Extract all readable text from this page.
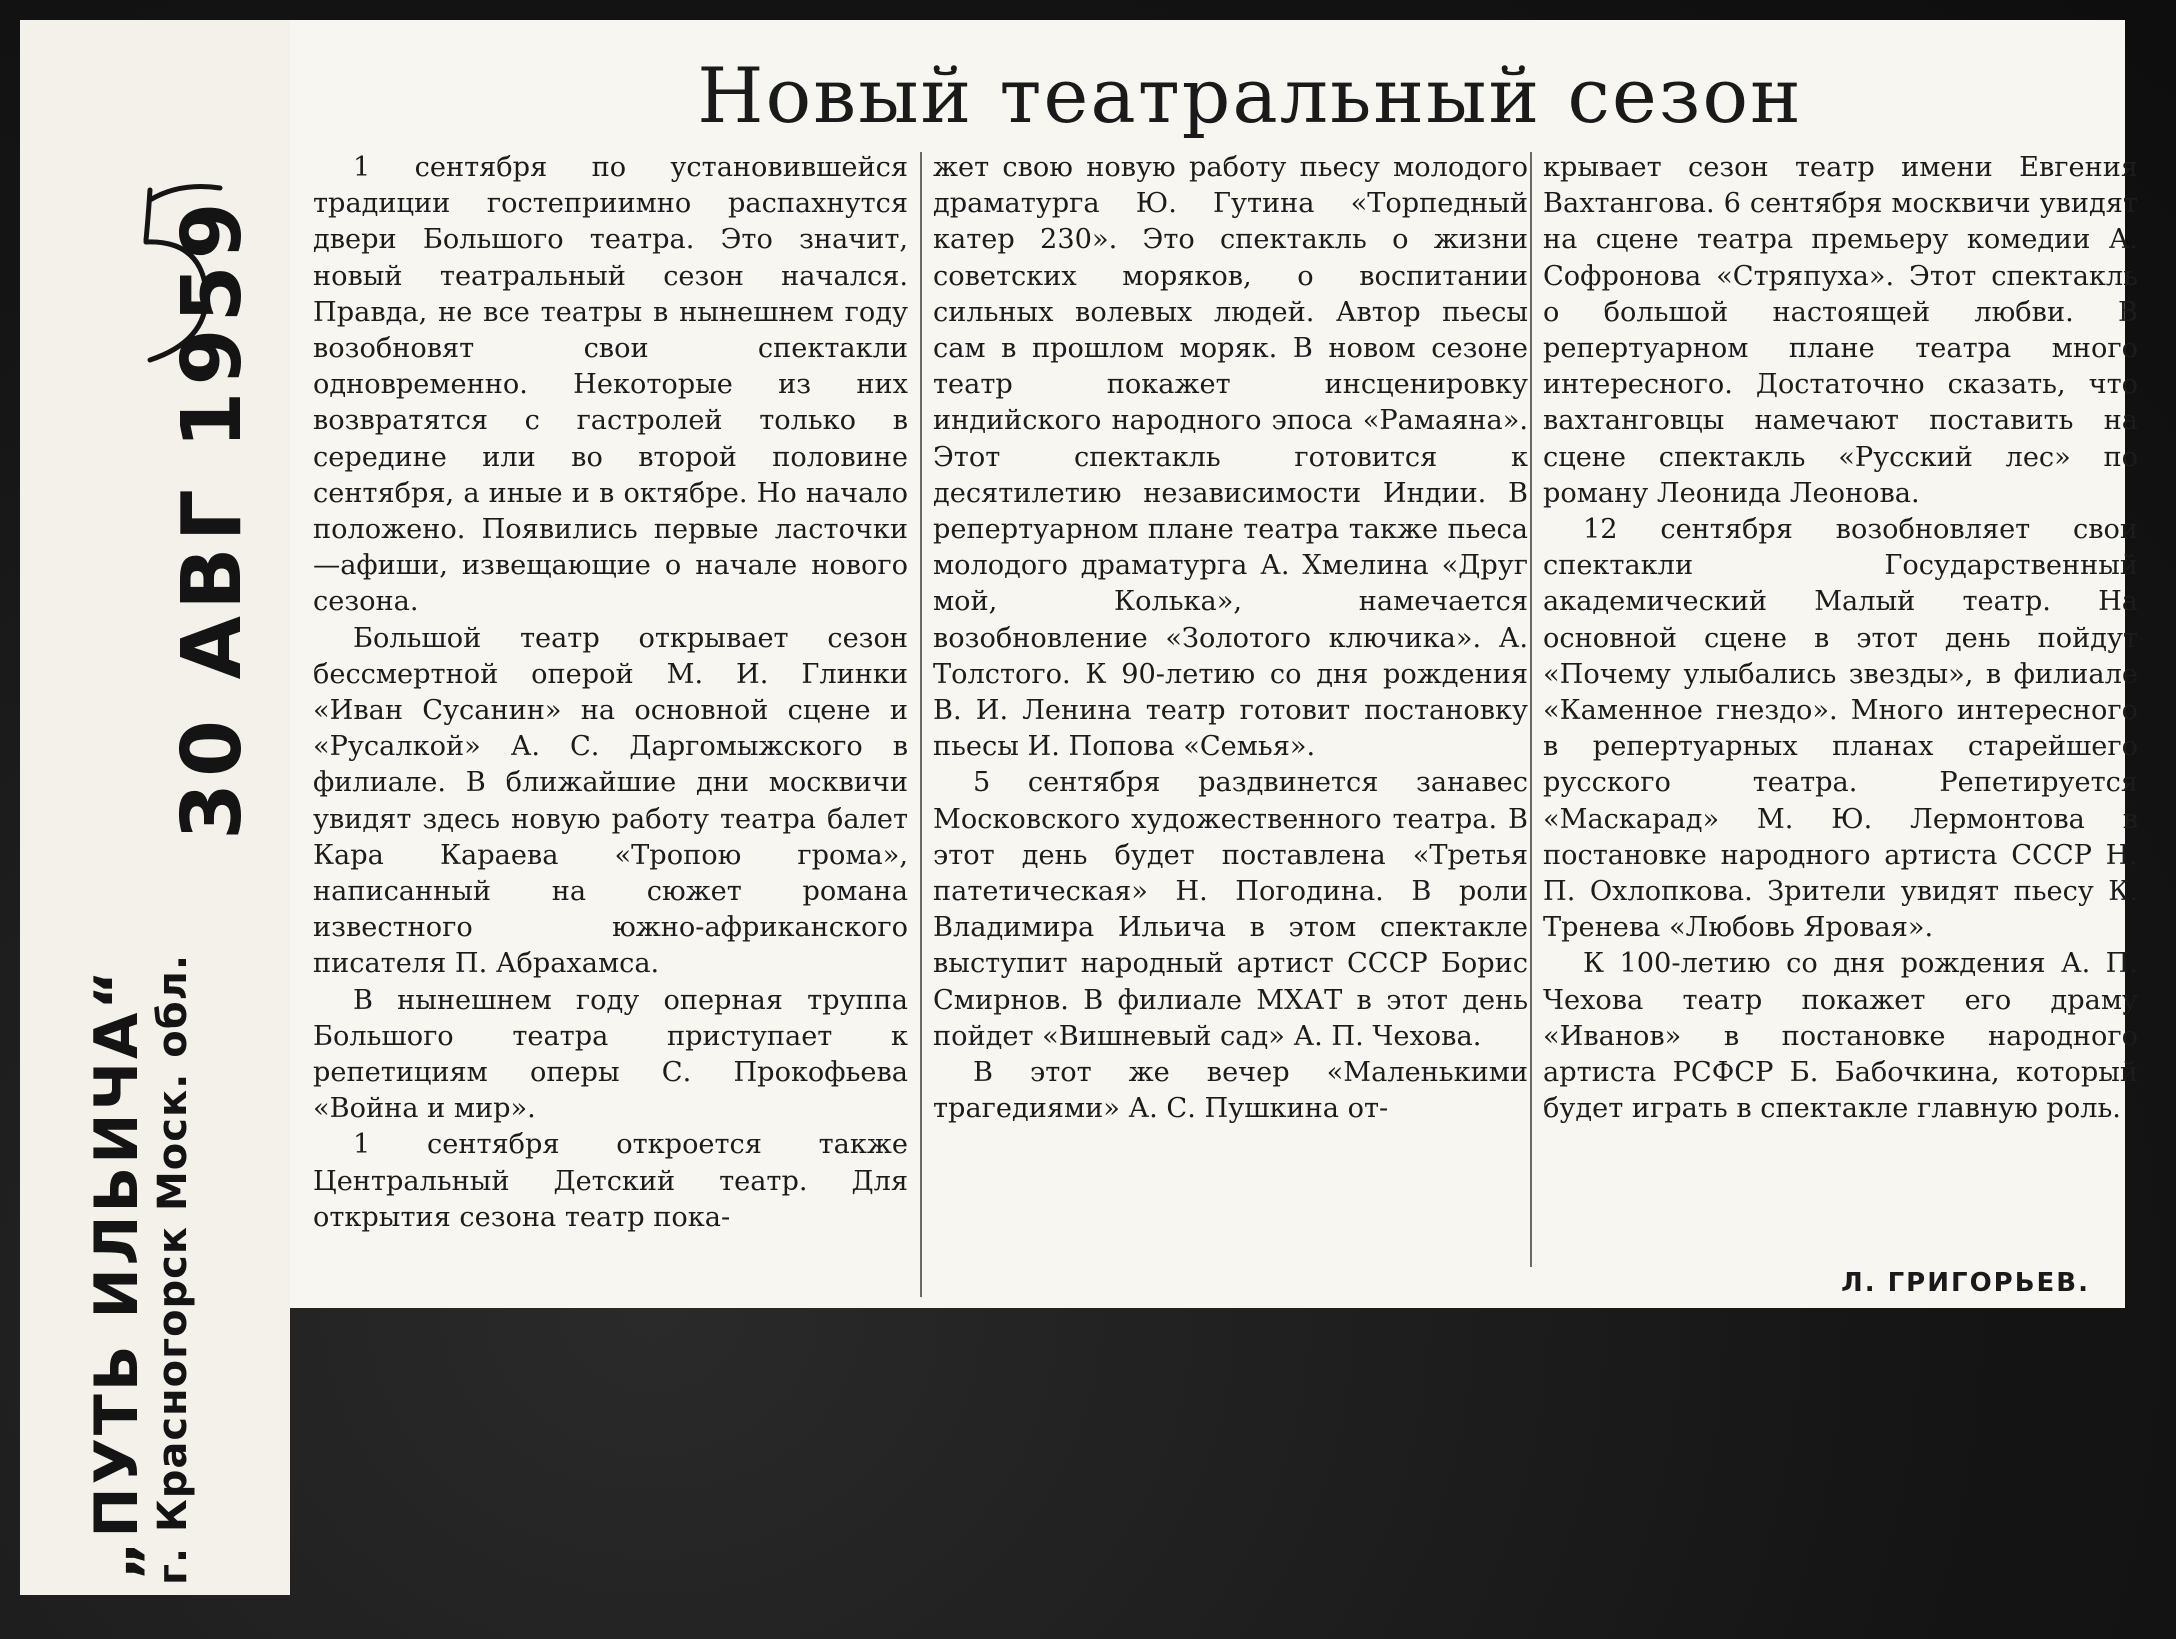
5
30 АВГ 1959
„ПУТЬ ИЛЬИЧА“
г. Красногорск Моск. обл.
Новый театральный сезон

1 сентября по установившейся традиции гостеприимно распахнутся двери Большого театра. Это значит, новый театральный сезон начался. Правда, не все театры в нынешнем году возобновят свои спектакли одновременно. Некоторые из них возвратятся с гастролей только в середине или во второй половине сентября, а иные и в октябре. Но начало положено. Появились первые ласточки—афиши, извещающие о начале нового сезона.

Большой театр открывает сезон бессмертной оперой М. И. Глинки «Иван Сусанин» на основной сцене и «Русалкой» А. С. Даргомыжского в филиале. В ближайшие дни москвичи увидят здесь новую работу театра балет Кара Караева «Тропою грома», написанный на сюжет романа известного южно-африканского писателя П. Абрахамса.

В нынешнем году оперная труппа Большого театра приступает к репетициям оперы С. Прокофьева «Война и мир».

1 сентября откроется также Центральный Детский театр. Для открытия сезона театр пока-

жет свою новую работу пьесу молодого драматурга Ю. Гутина «Торпедный катер 230». Это спектакль о жизни советских моряков, о воспитании сильных волевых людей. Автор пьесы сам в прошлом моряк. В новом сезоне театр покажет инсценировку индийского народного эпоса «Рамаяна». Этот спектакль готовится к десятилетию независимости Индии. В репертуарном плане театра также пьеса молодого драматурга А. Хмелина «Друг мой, Колька», намечается возобновление «Золотого ключика». А. Толстого. К 90-летию со дня рождения В. И. Ленина театр готовит постановку пьесы И. Попова «Семья».

5 сентября раздвинется занавес Московского художественного театра. В этот день будет поставлена «Третья патетическая» Н. Погодина. В роли Владимира Ильича в этом спектакле выступит народный артист СССР Борис Смирнов. В филиале МХАТ в этот день пойдет «Вишневый сад» А. П. Чехова.

В этот же вечер «Маленькими трагедиями» А. С. Пушкина от-

крывает сезон театр имени Евгения Вахтангова. 6 сентября москвичи увидят на сцене театра премьеру комедии А. Софронова «Стряпуха». Этот спектакль о большой настоящей любви. В репертуарном плане театра много интересного. Достаточно сказать, что вахтанговцы намечают поставить на сцене спектакль «Русский лес» по роману Леонида Леонова.

12 сентября возобновляет свои спектакли Государственный академический Малый театр. На основной сцене в этот день пойдут «Почему улыбались звезды», в филиале «Каменное гнездо». Много интересного в репертуарных планах старейшего русского театра. Репетируется «Маскарад» М. Ю. Лермонтова в постановке народного артиста СССР Н. П. Охлопкова. Зрители увидят пьесу К. Тренева «Любовь Яровая».

К 100-летию со дня рождения А. П. Чехова театр покажет его драму «Иванов» в постановке народного артиста РСФСР Б. Бабочкина, который будет играть в спектакле главную роль.

Л. ГРИГОРЬЕВ.
